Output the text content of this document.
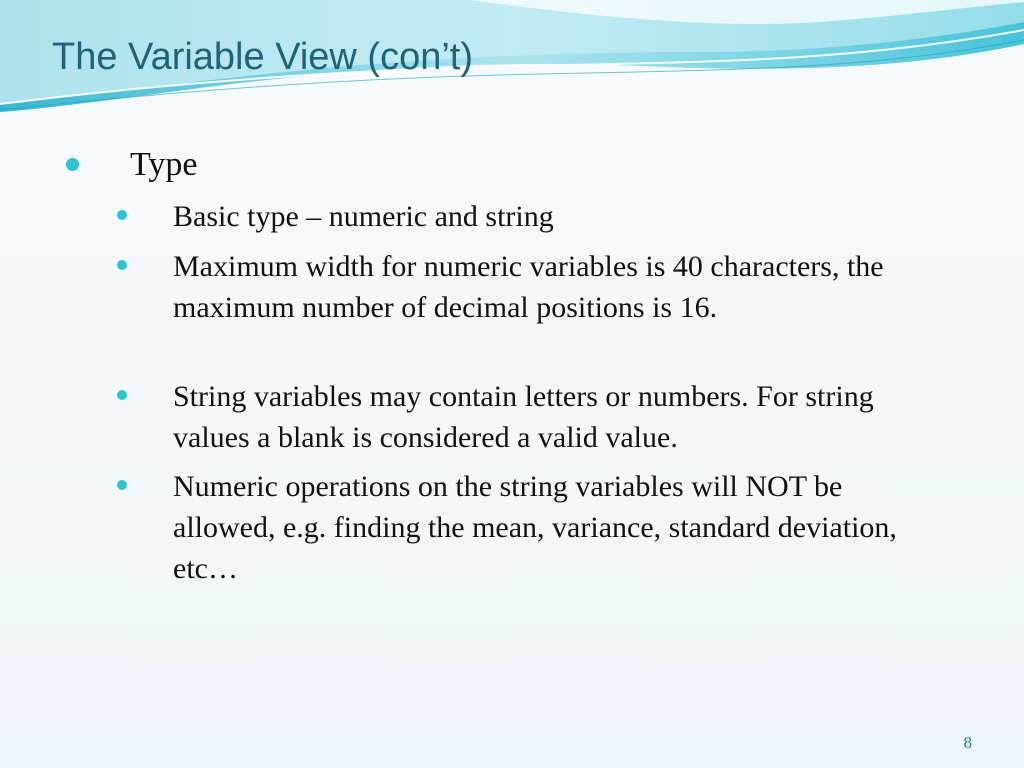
The Variable View (con’t)
Type
Basic type – numeric and string
Maximum width for numeric variables is 40 characters, the maximum number of decimal positions is 16.
String variables may contain letters or numbers. For string values a blank is considered a valid value.
Numeric operations on the string variables will NOT be allowed, e.g. finding the mean, variance, standard deviation, etc…
8
